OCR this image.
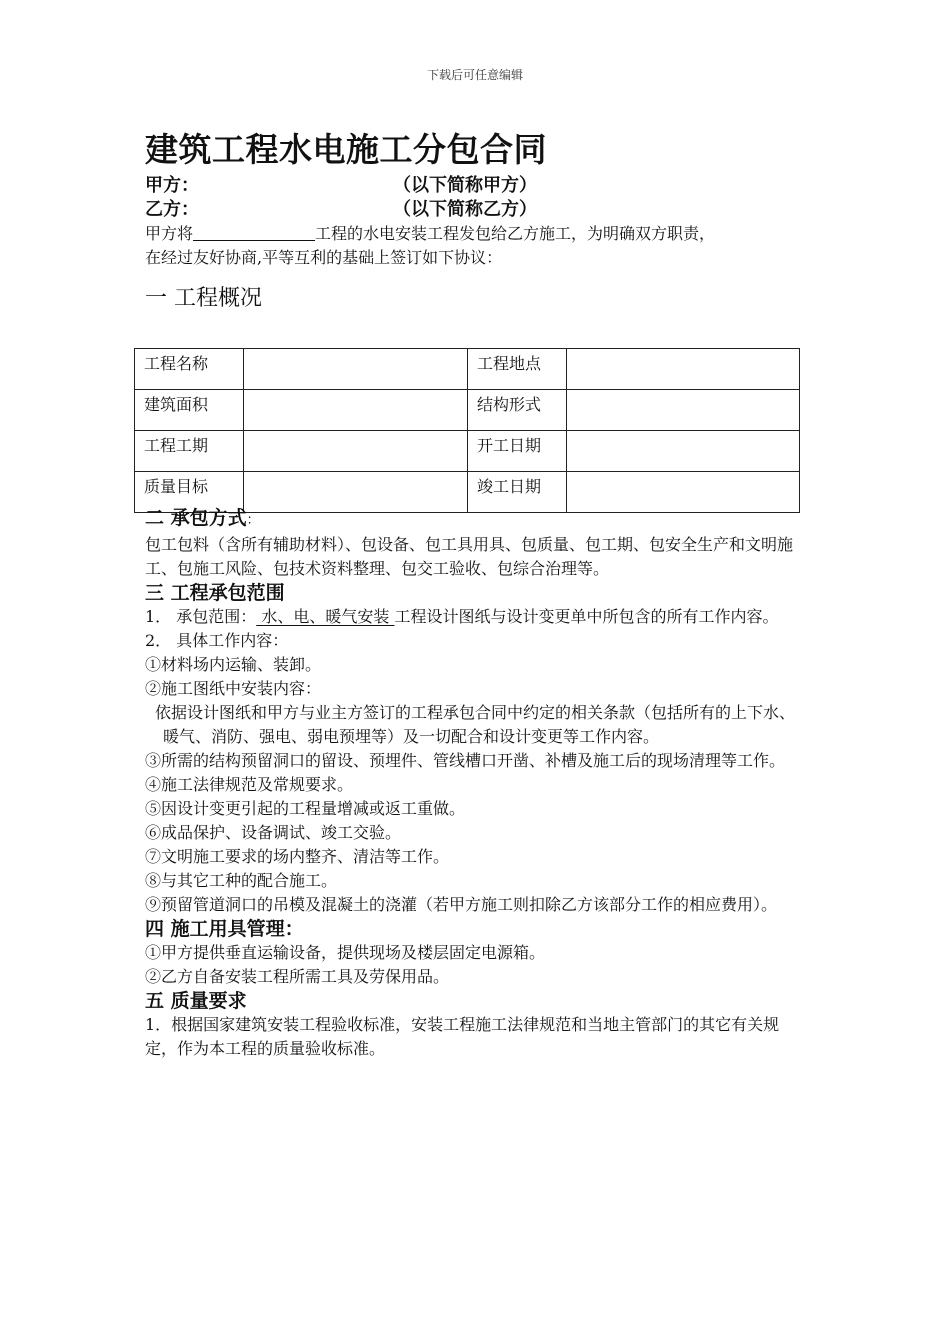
下载后可任意编辑
建筑工程水电施工分包合同
甲方：	（以下简称甲方）
乙方：	（以下简称乙方）
甲方将	工程的水电安装工程发包给乙方施工，为明确双方职责，
在经过友好协商,平等互利的基础上签订如下协议：
一 工程概况
工程名称		工程地点	
建筑面积		结构形式	
工程工期		开工日期	
质量目标		竣工日期	
二 承包方式：
包工包料（含所有辅助材料）、包设备、包工具用具、包质量、包工期、包安全生产和文明施工、包施工风险、包技术资料整理、包交工验收、包综合治理等。
三 工程承包范围
1． 承包范围： 水、电、暖气安装 工程设计图纸与设计变更单中所包含的所有工作内容。
2． 具体工作内容：
①材料场内运输、装卸。
②施工图纸中安装内容：
依据设计图纸和甲方与业主方签订的工程承包合同中约定的相关条款（包括所有的上下水、暖气、消防、强电、弱电预埋等）及一切配合和设计变更等工作内容。
③所需的结构预留洞口的留设、预埋件、管线槽口开凿、补槽及施工后的现场清理等工作。
④施工法律规范及常规要求。
⑤因设计变更引起的工程量增减或返工重做。
⑥成品保护、设备调试、竣工交验。
⑦文明施工要求的场内整齐、清洁等工作。
⑧与其它工种的配合施工。
⑨预留管道洞口的吊模及混凝土的浇灌（若甲方施工则扣除乙方该部分工作的相应费用）。
四 施工用具管理：
①甲方提供垂直运输设备，提供现场及楼层固定电源箱。
②乙方自备安装工程所需工具及劳保用品。
五 质量要求
1．根据国家建筑安装工程验收标准，安装工程施工法律规范和当地主管部门的其它有关规定，作为本工程的质量验收标准。
